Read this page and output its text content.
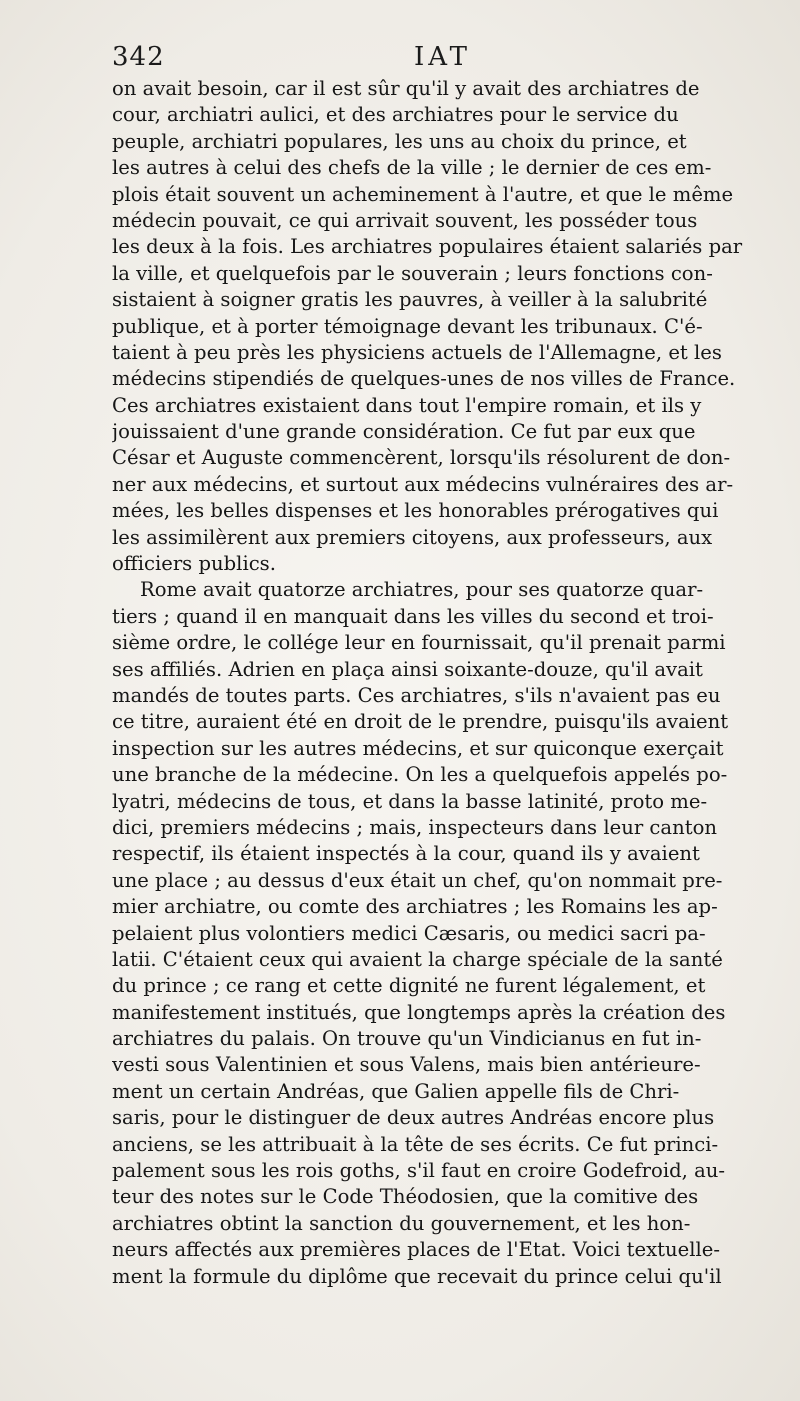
342	IAT
on avait besoin, car il est sûr qu'il y avait des archiatres de
cour, archiatri aulici, et des archiatres pour le service du
peuple, archiatri populares, les uns au choix du prince, et
les autres à celui des chefs de la ville ; le dernier de ces em-
plois était souvent un acheminement à l'autre, et que le même
médecin pouvait, ce qui arrivait souvent, les posséder tous
les deux à la fois. Les archiatres populaires étaient salariés par
la ville, et quelquefois par le souverain ; leurs fonctions con-
sistaient à soigner gratis les pauvres, à veiller à la salubrité
publique, et à porter témoignage devant les tribunaux. C'é-
taient à peu près les physiciens actuels de l'Allemagne, et les
médecins stipendiés de quelques-unes de nos villes de France.
Ces archiatres existaient dans tout l'empire romain, et ils y
jouissaient d'une grande considération. Ce fut par eux que
César et Auguste commencèrent, lorsqu'ils résolurent de don-
ner aux médecins, et surtout aux médecins vulnéraires des ar-
mées, les belles dispenses et les honorables prérogatives qui
les assimilèrent aux premiers citoyens, aux professeurs, aux
officiers publics.
Rome avait quatorze archiatres, pour ses quatorze quar-
tiers ; quand il en manquait dans les villes du second et troi-
sième ordre, le collége leur en fournissait, qu'il prenait parmi
ses affiliés. Adrien en plaça ainsi soixante-douze, qu'il avait
mandés de toutes parts. Ces archiatres, s'ils n'avaient pas eu
ce titre, auraient été en droit de le prendre, puisqu'ils avaient
inspection sur les autres médecins, et sur quiconque exerçait
une branche de la médecine. On les a quelquefois appelés po-
lyatri, médecins de tous, et dans la basse latinité, proto me-
dici, premiers médecins ; mais, inspecteurs dans leur canton
respectif, ils étaient inspectés à la cour, quand ils y avaient
une place ; au dessus d'eux était un chef, qu'on nommait pre-
mier archiatre, ou comte des archiatres ; les Romains les ap-
pelaient plus volontiers medici Cæsaris, ou medici sacri pa-
latii. C'étaient ceux qui avaient la charge spéciale de la santé
du prince ; ce rang et cette dignité ne furent légalement, et
manifestement institués, que longtemps après la création des
archiatres du palais. On trouve qu'un Vindicianus en fut in-
vesti sous Valentinien et sous Valens, mais bien antérieure-
ment un certain Andréas, que Galien appelle fils de Chri-
saris, pour le distinguer de deux autres Andréas encore plus
anciens, se les attribuait à la tête de ses écrits. Ce fut princi-
palement sous les rois goths, s'il faut en croire Godefroid, au-
teur des notes sur le Code Théodosien, que la comitive des
archiatres obtint la sanction du gouvernement, et les hon-
neurs affectés aux premières places de l'Etat. Voici textuelle-
ment la formule du diplôme que recevait du prince celui qu'il
